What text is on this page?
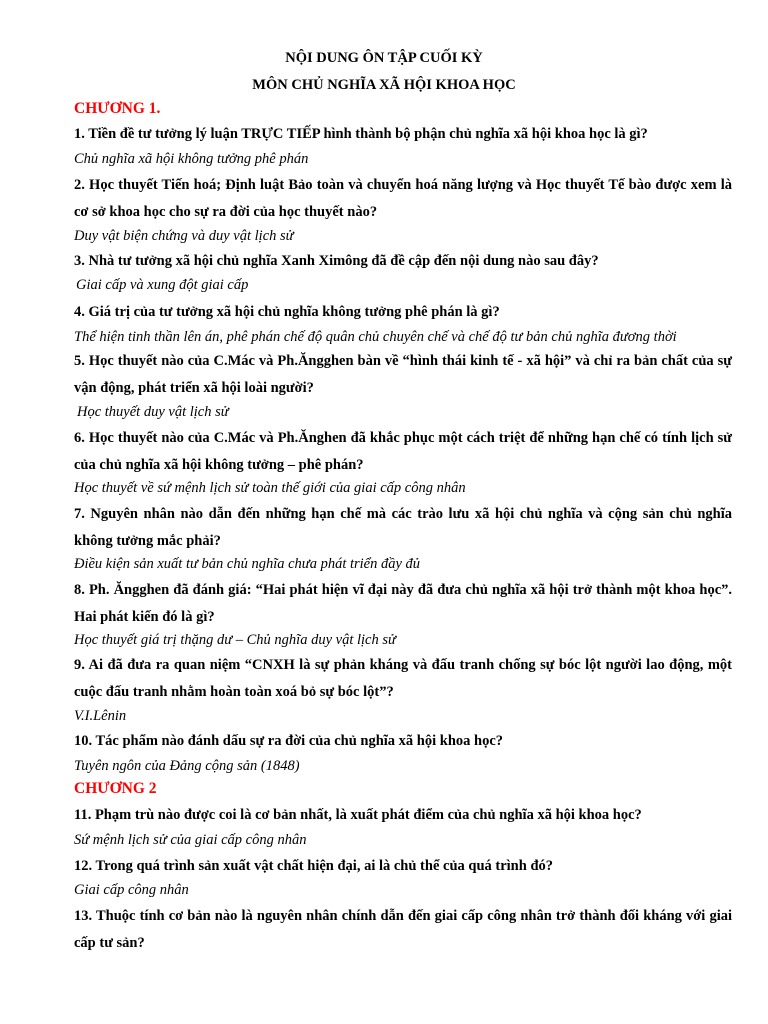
NỘI DUNG ÔN TẬP CUỐI KỲ
MÔN CHỦ NGHĨA XÃ HỘI KHOA HỌC
CHƯƠNG 1.
1. Tiền đề tư tưởng lý luận TRỰC TIẾP hình thành bộ phận chủ nghĩa xã hội khoa học là gì?
Chủ nghĩa xã hội không tưởng phê phán
2. Học thuyết Tiến hoá; Định luật Bảo toàn và chuyển hoá năng lượng và Học thuyết Tế bào được xem là cơ sở khoa học cho sự ra đời của học thuyết nào?
Duy vật biện chứng và duy vật lịch sử
3. Nhà tư tưởng xã hội chủ nghĩa Xanh Ximông đã đề cập đến nội dung nào sau đây?
Giai cấp và xung đột giai cấp
4. Giá trị của tư tưởng xã hội chủ nghĩa không tưởng phê phán là gì?
Thể hiện tinh thần lên án, phê phán chế độ quân chủ chuyên chế và chế độ tư bản chủ nghĩa đương thời
5. Học thuyết nào của C.Mác và Ph.Ăngghen bàn về “hình thái kinh tế - xã hội” và chỉ ra bản chất của sự vận động, phát triển xã hội loài người?
Học thuyết duy vật lịch sử
6. Học thuyết nào của C.Mác và Ph.Ănghen đã khắc phục một cách triệt để những hạn chế có tính lịch sử của chủ nghĩa xã hội không tưởng – phê phán?
Học thuyết về sứ mệnh lịch sử toàn thế giới của giai cấp công nhân
7. Nguyên nhân nào dẫn đến những hạn chế mà các trào lưu xã hội chủ nghĩa và cộng sản chủ nghĩa không tưởng mắc phải?
Điều kiện sản xuất tư bản chủ nghĩa chưa phát triển đầy đủ
8. Ph. Ăngghen đã đánh giá: “Hai phát hiện vĩ đại này đã đưa chủ nghĩa xã hội trở thành một khoa học”. Hai phát kiến đó là gì?
Học thuyết giá trị thặng dư – Chủ nghĩa duy vật lịch sử
9. Ai đã đưa ra quan niệm “CNXH là sự phản kháng và đấu tranh chống sự bóc lột người lao động, một cuộc đấu tranh nhằm hoàn toàn xoá bỏ sự bóc lột”?
V.I.Lênin
10. Tác phẩm nào đánh dấu sự ra đời của chủ nghĩa xã hội khoa học?
Tuyên ngôn của Đảng cộng sản (1848)
CHƯƠNG 2
11. Phạm trù nào được coi là cơ bản nhất, là xuất phát điểm của chủ nghĩa xã hội khoa học?
Sứ mệnh lịch sử của giai cấp công nhân
12. Trong quá trình sản xuất vật chất hiện đại, ai là chủ thể của quá trình đó?
Giai cấp công nhân
13. Thuộc tính cơ bản nào là nguyên nhân chính dẫn đến giai cấp công nhân trở thành đối kháng với giai cấp tư sản?
